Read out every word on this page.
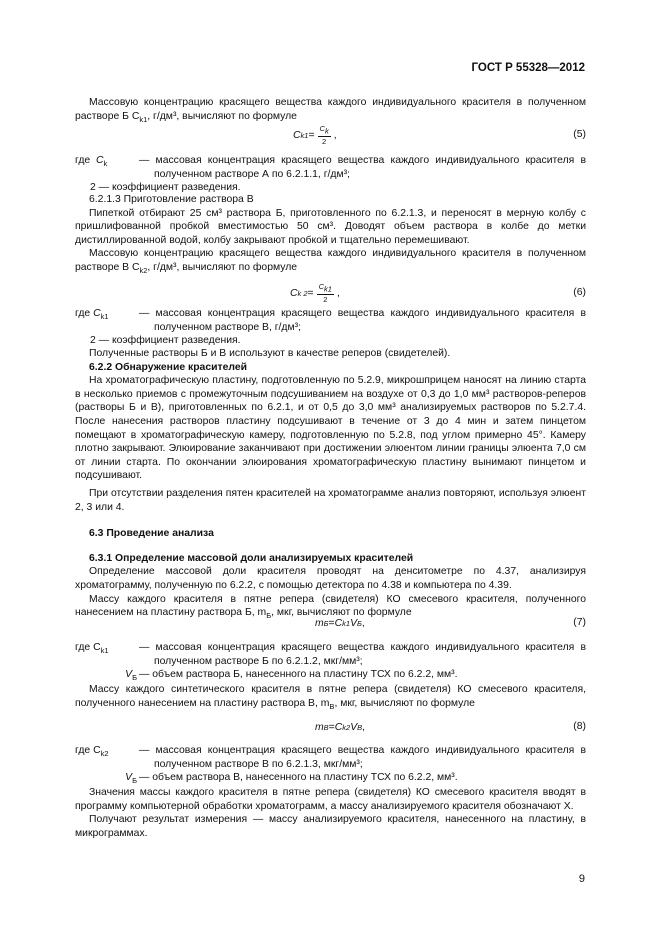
ГОСТ Р 55328—2012

Массовую концентрацию красящего вещества каждого индивидуального красителя в полученном растворе Б $C_{k1}$, г/дм³, вычисляют по формуле

C $k1 = \frac{C_k}{2}$ ,	(5)
где $C_k$	— массовая концентрация красящего вещества каждого индивидуального красителя в полученном растворе А по 6.2.1.1, г/дм³;
2 — коэффициент разведения.

6.2.1.3 Приготовление раствора В

Пипеткой отбирают 25 см³ раствора Б, приготовленного по 6.2.1.3, и переносят в мерную колбу с пришлифованной пробкой вместимостью 50 см³. Доводят объем раствора в колбе до метки дистиллированной водой, колбу закрывают пробкой и тщательно перемешивают.

Массовую концентрацию красящего вещества каждого индивидуального красителя в полученном растворе В $C_{k2}$, г/дм³, вычисляют по формуле

C k $2 = \frac{C_{k1}}{2}$ ,	(6)
где $C_{k1}$	— массовая концентрация красящего вещества каждого индивидуального красителя в полученном растворе В, г/дм³;
2 — коэффициент разведения.

Полученные растворы Б и В используют в качестве реперов (свидетелей).

6.2.2 Обнаружение красителей

На хроматографическую пластину, подготовленную по 5.2.9, микрошприцем наносят на линию старта в несколько приемов с промежуточным подсушиванием на воздухе от 0,3 до 1,0 мм³ растворов-реперов (растворы Б и В), приготовленных по 6.2.1, и от 0,5 до 3,0 мм³ анализируемых растворов по 5.2.7.4. После нанесения растворов пластину подсушивают в течение от 3 до 4 мин и затем пинцетом помещают в хроматографическую камеру, подготовленную по 5.2.8, под углом примерно 45°. Камеру плотно закрывают. Элюирование заканчивают при достижении элюентом линии границы элюента 7,0 см от линии старта. По окончании элюирования хроматографическую пластину вынимают пинцетом и подсушивают.

При отсутствии разделения пятен красителей на хроматограмме анализ повторяют, используя элюент 2, 3 или 4.

6.3 Проведение анализа

6.3.1 Определение массовой доли анализируемых красителей

Определение массовой доли красителя проводят на денситометре по 4.37, анализируя хроматограмму, полученную по 6.2.2, с помощью детектора по 4.38 и компьютера по 4.39.

Массу каждого красителя в пятне репера (свидетеля) КО смесевого красителя, полученного нанесением на пластину раствора Б, $m_Б$, мкг, вычисляют по формуле

m Б = C k1 V Б ,	(7)
где $C_{k1}$	— массовая концентрация красящего вещества каждого индивидуального красителя в полученном растворе Б по 6.2.1.2, мкг/мм³;
$V_Б$ — объем раствора Б, нанесенного на пластину ТСХ по 6.2.2, мм³.

Массу каждого синтетического красителя в пятне репера (свидетеля) КО смесевого красителя, полученного нанесением на пластину раствора В, $m_В$, мкг, вычисляют по формуле

m В = C k2 V В ,	(8)
где $C_{k2}$	— массовая концентрация красящего вещества каждого индивидуального красителя в полученном растворе В по 6.2.1.3, мкг/мм³;
$V_Б$ — объем раствора В, нанесенного на пластину ТСХ по 6.2.2, мм³.

Значения массы каждого красителя в пятне репера (свидетеля) КО смесевого красителя вводят в программу компьютерной обработки хроматограмм, а массу анализируемого красителя обозначают X.

Получают результат измерения — массу анализируемого красителя, нанесенного на пластину, в микрограммах.

9
